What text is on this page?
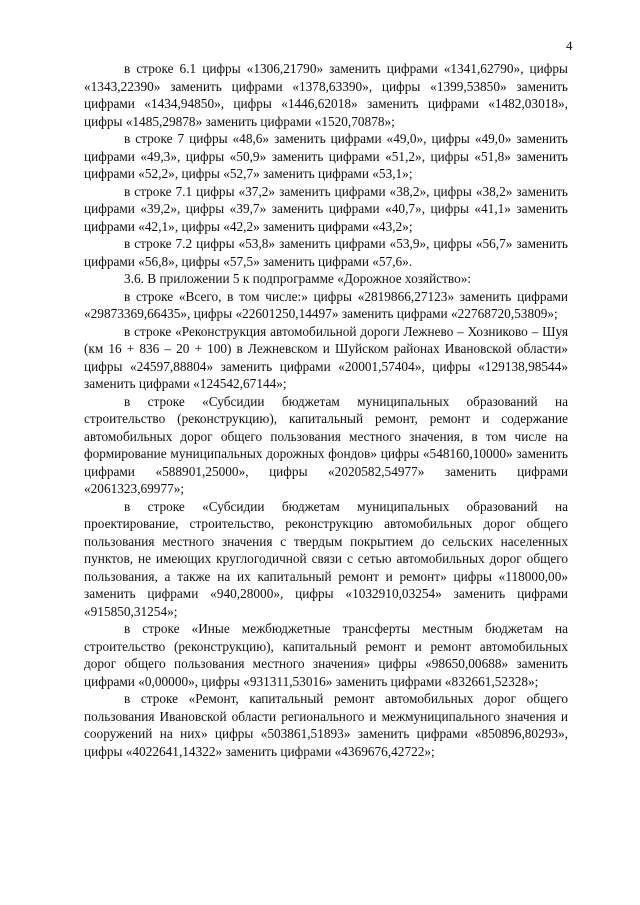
4

в строке 6.1 цифры «1306,21790» заменить цифрами «1341,62790», цифры «1343,22390» заменить цифрами «1378,63390», цифры «1399,53850» заменить цифрами «1434,94850», цифры «1446,62018» заменить цифрами «1482,03018», цифры «1485,29878» заменить цифрами «1520,70878»;

в строке 7 цифры «48,6» заменить цифрами «49,0», цифры «49,0» заменить цифрами «49,3», цифры «50,9» заменить цифрами «51,2», цифры «51,8» заменить цифрами «52,2», цифры «52,7» заменить цифрами «53,1»;

в строке 7.1 цифры «37,2» заменить цифрами «38,2», цифры «38,2» заменить цифрами «39,2», цифры «39,7» заменить цифрами «40,7», цифры «41,1» заменить цифрами «42,1», цифры «42,2» заменить цифрами «43,2»;

в строке 7.2 цифры «53,8» заменить цифрами «53,9», цифры «56,7» заменить цифрами «56,8», цифры «57,5» заменить цифрами «57,6».

3.6. В приложении 5 к подпрограмме «Дорожное хозяйство»:

в строке «Всего, в том числе:» цифры «2819866,27123» заменить цифрами «29873369,66435», цифры «22601250,14497» заменить цифрами «22768720,53809»;

в строке «Реконструкция автомобильной дороги Лежнево – Хозниково – Шуя (км 16 + 836 – 20 + 100) в Лежневском и Шуйском районах Ивановской области» цифры «24597,88804» заменить цифрами «20001,57404», цифры «129138,98544» заменить цифрами «124542,67144»;

в строке «Субсидии бюджетам муниципальных образований на строительство (реконструкцию), капитальный ремонт, ремонт и содержание автомобильных дорог общего пользования местного значения, в том числе на формирование муниципальных дорожных фондов» цифры «548160,10000» заменить цифрами «588901,25000», цифры «2020582,54977» заменить цифрами «2061323,69977»;

в строке «Субсидии бюджетам муниципальных образований на проектирование, строительство, реконструкцию автомобильных дорог общего пользования местного значения с твердым покрытием до сельских населенных пунктов, не имеющих круглогодичной связи с сетью автомобильных дорог общего пользования, а также на их капитальный ремонт и ремонт» цифры «118000,00» заменить цифрами «940,28000», цифры «1032910,03254» заменить цифрами «915850,31254»;

в строке «Иные межбюджетные трансферты местным бюджетам на строительство (реконструкцию), капитальный ремонт и ремонт автомобильных дорог общего пользования местного значения» цифры «98650,00688» заменить цифрами «0,00000», цифры «931311,53016» заменить цифрами «832661,52328»;

в строке «Ремонт, капитальный ремонт автомобильных дорог общего пользования Ивановской области регионального и межмуниципального значения и сооружений на них» цифры «503861,51893» заменить цифрами «850896,80293», цифры «4022641,14322» заменить цифрами «4369676,42722»;
